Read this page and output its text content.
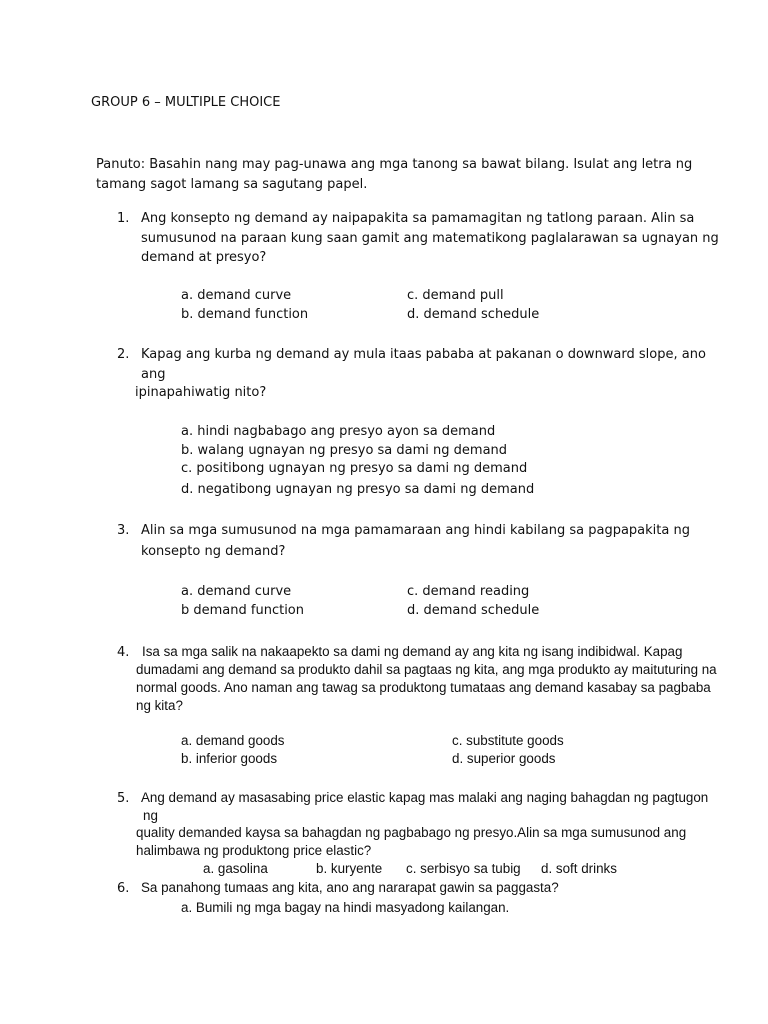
GROUP 6 – MULTIPLE CHOICE
Panuto: Basahin nang may pag-unawa ang mga tanong sa bawat bilang. Isulat ang letra ng
tamang sagot lamang sa sagutang papel.
1. Ang konsepto ng demand ay naipapakita sa pamamagitan ng tatlong paraan. Alin sa
sumusunod na paraan kung saan gamit ang matematikong paglalarawan sa ugnayan ng
demand at presyo?
a. demand curve
b. demand function
c. demand pull
d. demand schedule
2. Kapag ang kurba ng demand ay mula itaas pababa at pakanan o downward slope, ano
ang
ipinapahiwatig nito?
a. hindi nagbabago ang presyo ayon sa demand
b. walang ugnayan ng presyo sa dami ng demand
c. positibong ugnayan ng presyo sa dami ng demand
d. negatibong ugnayan ng presyo sa dami ng demand
3. Alin sa mga sumusunod na mga pamamaraan ang hindi kabilang sa pagpapakita ng
konsepto ng demand?
a. demand curve
b demand function
c. demand reading
d. demand schedule
4. Isa sa mga salik na nakaapekto sa dami ng demand ay ang kita ng isang indibidwal. Kapag
dumadami ang demand sa produkto dahil sa pagtaas ng kita, ang mga produkto ay maituturing na
normal goods. Ano naman ang tawag sa produktong tumataas ang demand kasabay sa pagbaba
ng kita?
a. demand goods
b. inferior goods
c. substitute goods
d. superior goods
5. Ang demand ay masasabing price elastic kapag mas malaki ang naging bahagdan ng pagtugon
ng
quality demanded kaysa sa bahagdan ng pagbabago ng presyo.Alin sa mga sumusunod ang
halimbawa ng produktong price elastic?
a. gasolina	b. kuryente c. serbisyo sa tubig d. soft drinks
6. Sa panahong tumaas ang kita, ano ang nararapat gawin sa paggasta?
a. Bumili ng mga bagay na hindi masyadong kailangan.
